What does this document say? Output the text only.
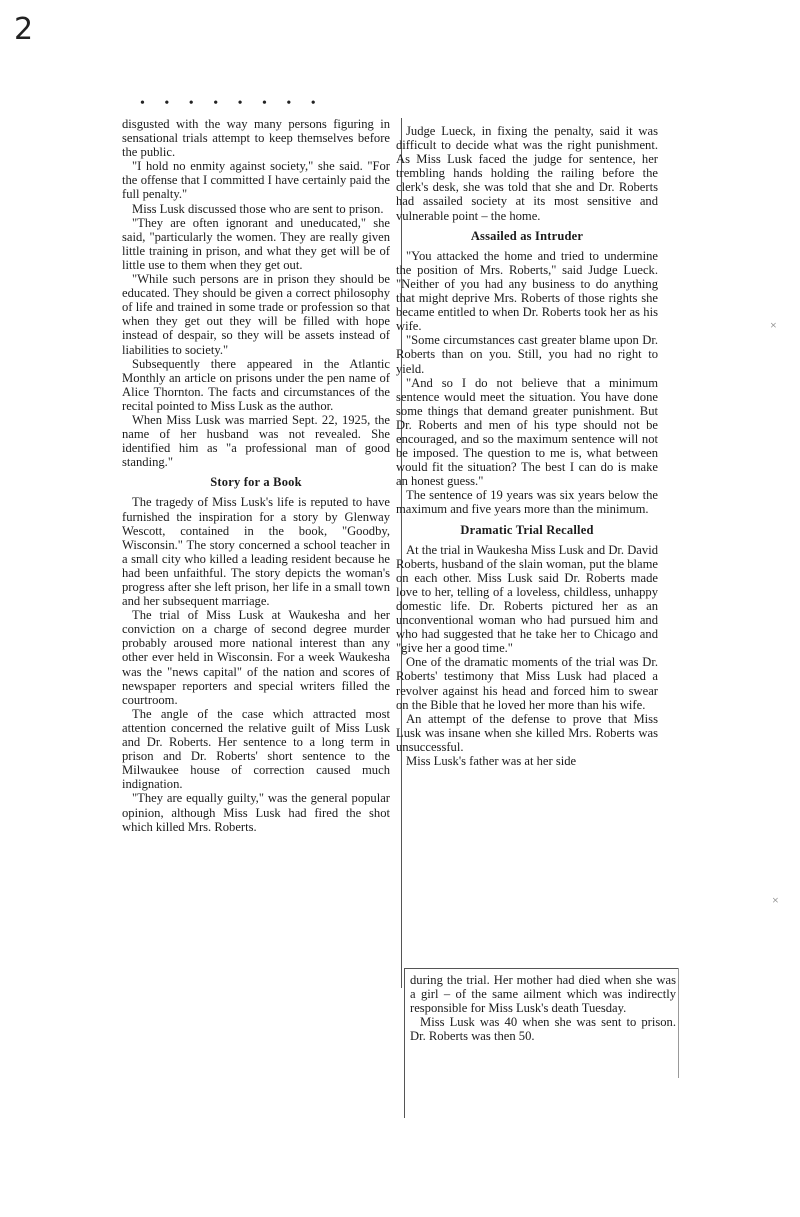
2
• • • • • • • •

disgusted with the way many persons figuring in sensational trials attempt to keep themselves before the public.

"I hold no enmity against society," she said. "For the offense that I committed I have certainly paid the full penalty."

Miss Lusk discussed those who are sent to prison.

"They are often ignorant and uneducated," she said, "particularly the women. They are really given little training in prison, and what they get will be of little use to them when they get out.

"While such persons are in prison they should be educated. They should be given a correct philosophy of life and trained in some trade or profession so that when they get out they will be filled with hope instead of despair, so they will be assets instead of liabilities to society."

Subsequently there appeared in the Atlantic Monthly an article on prisons under the pen name of Alice Thornton. The facts and circumstances of the recital pointed to Miss Lusk as the author.

When Miss Lusk was married Sept. 22, 1925, the name of her husband was not revealed. She identified him as "a professional man of good standing."

Story for a Book

The tragedy of Miss Lusk's life is reputed to have furnished the inspiration for a story by Glenway Wescott, contained in the book, "Goodby, Wisconsin." The story concerned a school teacher in a small city who killed a leading resident because he had been unfaithful. The story depicts the woman's progress after she left prison, her life in a small town and her subsequent marriage.

The trial of Miss Lusk at Waukesha and her conviction on a charge of second degree murder probably aroused more national interest than any other ever held in Wisconsin. For a week Waukesha was the "news capital" of the nation and scores of newspaper reporters and special writers filled the courtroom.

The angle of the case which attracted most attention concerned the relative guilt of Miss Lusk and Dr. Roberts. Her sentence to a long term in prison and Dr. Roberts' short sentence to the Milwaukee house of correction caused much indignation.

"They are equally guilty," was the general popular opinion, although Miss Lusk had fired the shot which killed Mrs. Roberts.

Judge Lueck, in fixing the penalty, said it was difficult to decide what was the right punishment. As Miss Lusk faced the judge for sentence, her trembling hands holding the railing before the clerk's desk, she was told that she and Dr. Roberts had assailed society at its most sensitive and vulnerable point – the home.

Assailed as Intruder

"You attacked the home and tried to undermine the position of Mrs. Roberts," said Judge Lueck. "Neither of you had any business to do anything that might deprive Mrs. Roberts of those rights she became entitled to when Dr. Roberts took her as his wife.

"Some circumstances cast greater blame upon Dr. Roberts than on you. Still, you had no right to yield.

"And so I do not believe that a minimum sentence would meet the situation. You have done some things that demand greater punishment. But Dr. Roberts and men of his type should not be encouraged, and so the maximum sentence will not be imposed. The question to me is, what between would fit the situation? The best I can do is make an honest guess."

The sentence of 19 years was six years below the maximum and five years more than the minimum.

Dramatic Trial Recalled

At the trial in Waukesha Miss Lusk and Dr. David Roberts, husband of the slain woman, put the blame on each other. Miss Lusk said Dr. Roberts made love to her, telling of a loveless, childless, unhappy domestic life. Dr. Roberts pictured her as an unconventional woman who had pursued him and who had suggested that he take her to Chicago and "give her a good time."

One of the dramatic moments of the trial was Dr. Roberts' testimony that Miss Lusk had placed a revolver against his head and forced him to swear on the Bible that he loved her more than his wife.

An attempt of the defense to prove that Miss Lusk was insane when she killed Mrs. Roberts was unsuccessful.

Miss Lusk's father was at her side

during the trial. Her mother had died when she was a girl – of the same ailment which was indirectly responsible for Miss Lusk's death Tuesday.

Miss Lusk was 40 when she was sent to prison. Dr. Roberts was then 50.

×
×
